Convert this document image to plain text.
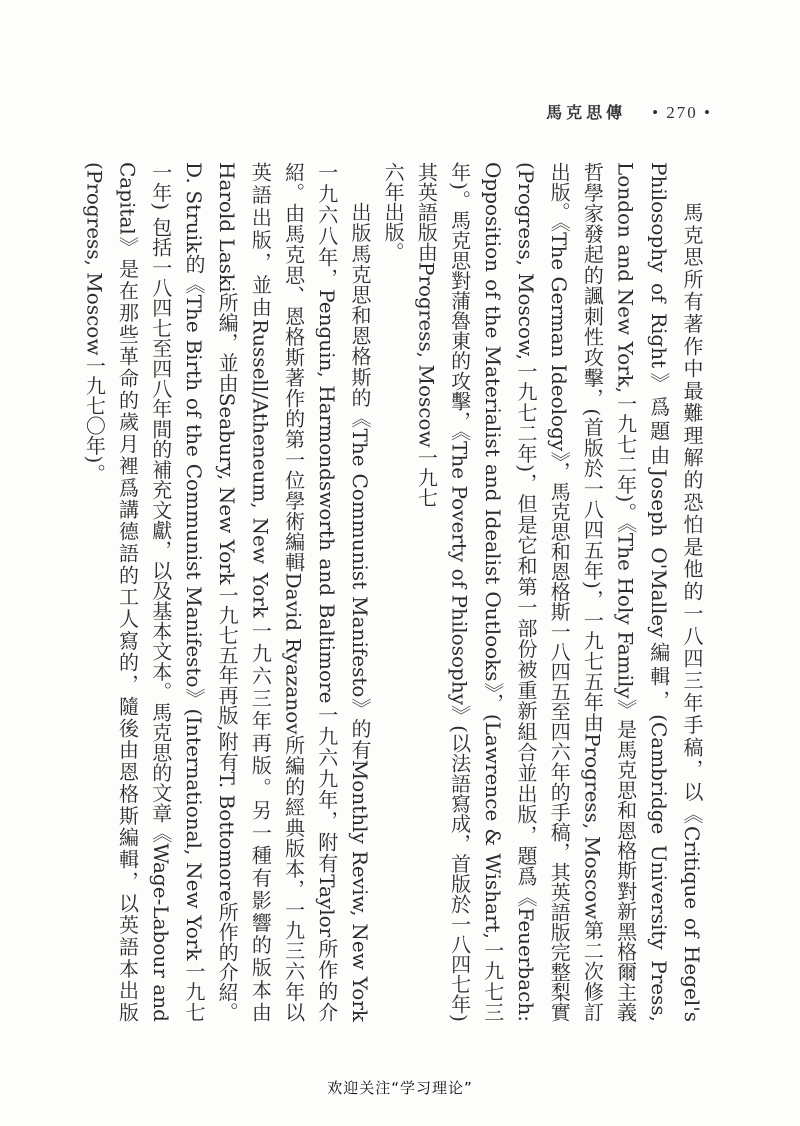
馬克思傳 • 270 •

馬克思所有著作中最難理解的恐怕是他的一八四三年手稿，以《Critique of Hegel's Philosophy of Right》爲題由Joseph O'Malley編輯，(Cambridge University Press, London and New York,一九七二年)。《The Holy Family》是馬克思和恩格斯對新黑格爾主義哲學家發起的諷刺性攻擊，(首版於一八四五年)，一九七五年由Progress, Moscow第二次修訂出版。《The German Ideology》，馬克思和恩格斯一八四五至四六年的手稿，其英語版完整梨實(Progress, Moscow,一九七二年)，但是它和第一部份被重新組合並出版，題爲《Feuerbach: Opposition of the Materialist and Idealist Outlooks》，(Lawrence & Wishart,一九七三年)。馬克思對蒲魯東的攻擊，《The Poverty of Philosophy》(以法語寫成，首版於一八四七年) 其英語版由Progress, Moscow一九七

六年出版。

出版馬克思和恩格斯的《The Communist Manifesto》的有Monthly Reviw, New York一九六八年，Penguin, Harmondsworth and Baltimore一九六九年，附有Taylor所作的介紹。由馬克思、恩格斯著作的第一位學術編輯David Ryazanov所編的經典版本，一九三六年以英語出版，並由Russell/Atheneum, New York一九六三年再版。另一種有影響的版本由Harold Laski所編，並由Seabury, New York一九七五年再版,附有T. Bottomore所作的介紹。D. Struik的《The Birth of the Communist Manifesto》(International, New York一九七一年) 包括一八四七至四八年間的補充文獻，以及基本文本。馬克思的文章《Wage-Labour and Capital》是在那些革命的歲月裡爲講德語的工人寫的，隨後由恩格斯編輯，以英語本出版 (Progress, Moscow一九七〇年)。

欢迎关注“学习理论”
